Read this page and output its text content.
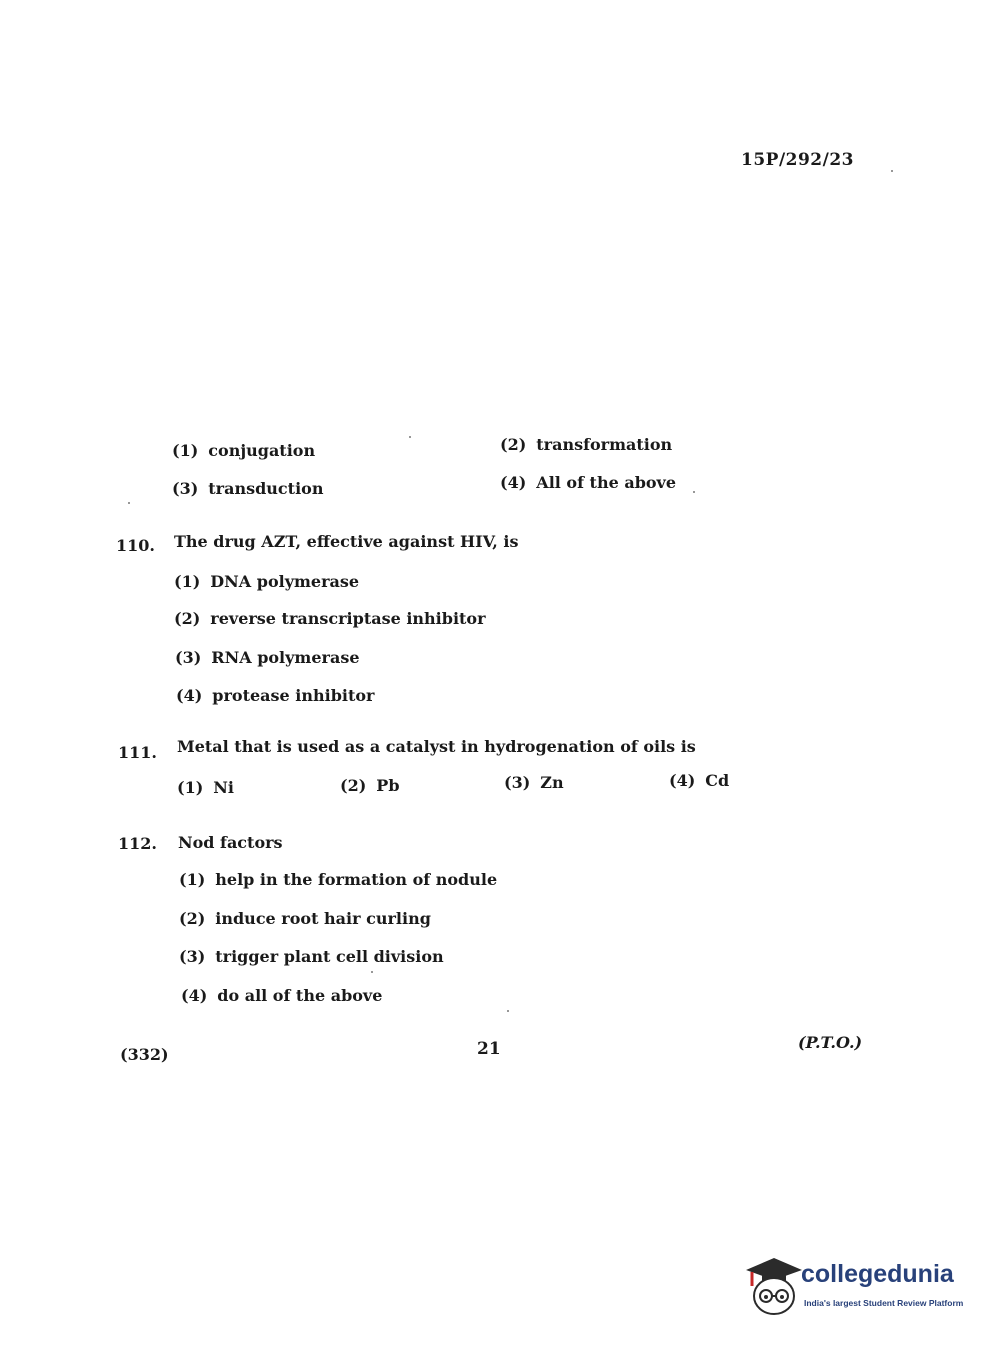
15P/292/23
(1) conjugation	(2) transformation
(3) transduction	(4) All of the above
110. The drug AZT, effective against HIV, is
(1) DNA polymerase
(2) reverse transcriptase inhibitor
(3) RNA polymerase
(4) protease inhibitor
111. Metal that is used as a catalyst in hydrogenation of oils is
(1) Ni	(2) Pb	(3) Zn	(4) Cd
112. Nod factors
(1) help in the formation of nodule
(2) induce root hair curling
(3) trigger plant cell division
(4) do all of the above
(332)	21	(P.T.O.)
collegedunia
India's largest Student Review Platform
